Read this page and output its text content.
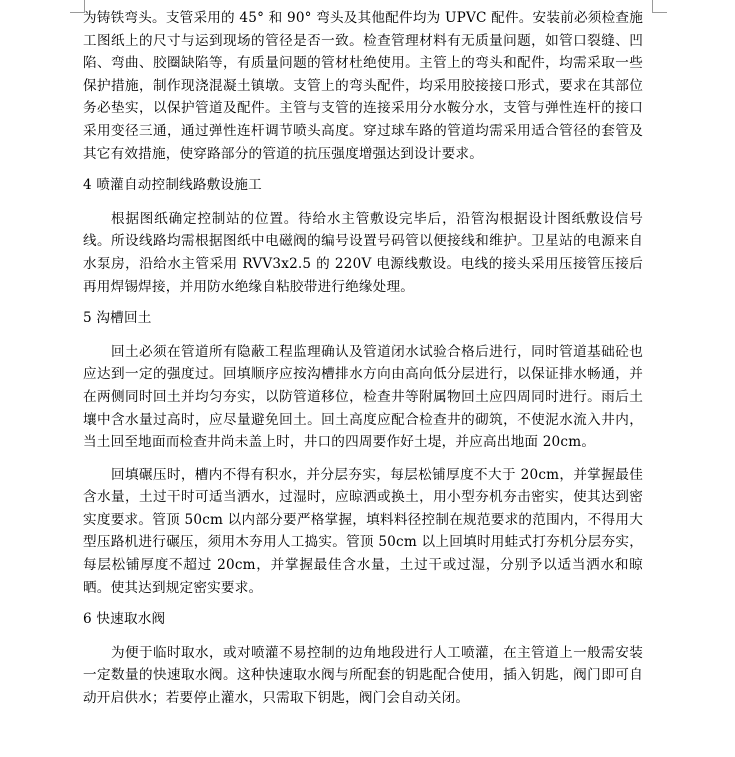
为铸铁弯头。支管采用的 45° 和 90° 弯头及其他配件均为 UPVC 配件。安装前必须检查施工图纸上的尺寸与运到现场的管径是否一致。检查管理材料有无质量问题，如管口裂缝、凹陷、弯曲、胶圈缺陷等，有质量问题的管材杜绝使用。主管上的弯头和配件，均需采取一些保护措施，制作现浇混凝土镇墩。支管上的弯头配件，均采用胶接接口形式，要求在其部位务必垫实，以保护管道及配件。主管与支管的连接采用分水鞍分水，支管与弹性连杆的接口采用变径三通，通过弹性连杆调节喷头高度。穿过球车路的管道均需采用适合管径的套管及其它有效措施，使穿路部分的管道的抗压强度增强达到设计要求。

4 喷灌自动控制线路敷设施工

根据图纸确定控制站的位置。待给水主管敷设完毕后，沿管沟根据设计图纸敷设信号线。所设线路均需根据图纸中电磁阀的编号设置号码管以便接线和维护。卫星站的电源来自水泵房，沿给水主管采用 RVV3x2.5 的 220V 电源线敷设。电线的接头采用压接管压接后再用焊锡焊接，并用防水绝缘自粘胶带进行绝缘处理。

5 沟槽回土

回土必须在管道所有隐蔽工程监理确认及管道闭水试验合格后进行，同时管道基础砼也应达到一定的强度过。回填顺序应按沟槽排水方向由高向低分层进行，以保证排水畅通，并在两侧同时回土并均匀夯实，以防管道移位，检查井等附属物回土应四周同时进行。雨后土壤中含水量过高时，应尽量避免回土。回土高度应配合检查井的砌筑，不使泥水流入井内，当土回至地面而检查井尚未盖上时，井口的四周要作好土堤，并应高出地面 20cm。

回填碾压时，槽内不得有积水，并分层夯实，每层松铺厚度不大于 20cm，并掌握最佳含水量，土过干时可适当洒水，过湿时，应晾洒或换土，用小型夯机夯击密实，使其达到密实度要求。管顶 50cm 以内部分要严格掌握，填料料径控制在规范要求的范围内，不得用大型压路机进行碾压，须用木夯用人工捣实。管顶 50cm 以上回填时用蛙式打夯机分层夯实，每层松铺厚度不超过 20cm，并掌握最佳含水量，土过干或过湿，分别予以适当洒水和晾晒。使其达到规定密实要求。

6 快速取水阀

为便于临时取水，或对喷灌不易控制的边角地段进行人工喷灌，在主管道上一般需安装一定数量的快速取水阀。这种快速取水阀与所配套的钥匙配合使用，插入钥匙，阀门即可自动开启供水；若要停止灌水，只需取下钥匙，阀门会自动关闭。
